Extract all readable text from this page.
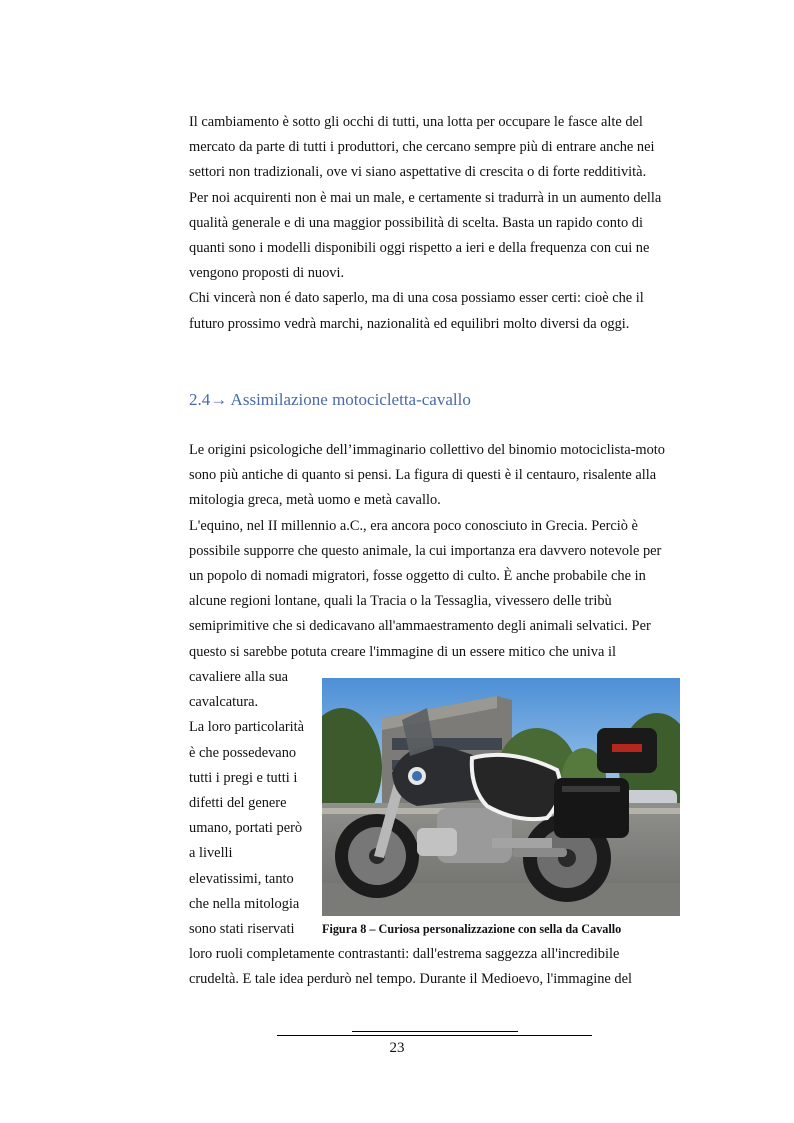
Il cambiamento è sotto gli occhi di tutti, una lotta per occupare le fasce alte del
mercato da parte di tutti i produttori, che cercano sempre più di entrare anche nei
settori non tradizionali, ove vi siano aspettative di crescita o di forte redditività.
Per noi acquirenti non è mai un male, e certamente si tradurrà in un aumento della
qualità generale e di una maggior possibilità di scelta. Basta un rapido conto di
quanti sono i modelli disponibili oggi rispetto a ieri e della frequenza con cui ne
vengono proposti di nuovi.
Chi vincerà non é dato saperlo, ma di una cosa possiamo esser certi: cioè che il
futuro prossimo vedrà marchi, nazionalità ed equilibri molto diversi da oggi.
2.4→ Assimilazione motocicletta-cavallo
Le origini psicologiche dell’immaginario collettivo del binomio motociclista-moto
sono più antiche di quanto si pensi. La figura di questi è il centauro, risalente alla
mitologia greca, metà uomo e metà cavallo.
L'equino, nel II millennio a.C., era ancora poco conosciuto in Grecia. Perciò è
possibile supporre che questo animale, la cui importanza era davvero notevole per
un popolo di nomadi migratori, fosse oggetto di culto. È anche probabile che in
alcune regioni lontane, quali la Tracia o la Tessaglia, vivessero delle tribù
semiprimitive che si dedicavano all'ammaestramento degli animali selvatici. Per
questo si sarebbe potuta creare l'immagine di un essere mitico che univa il
cavaliere alla sua
cavalcatura.
La loro particolarità
è che possedevano
tutti i pregi e tutti i
difetti del genere
umano, portati però
a livelli
elevatissimi, tanto
che nella mitologia
sono stati riservati
loro ruoli completamente contrastanti: dall'estrema saggezza all'incredibile
crudeltà. E tale idea perdurò nel tempo. Durante il Medioevo, l'immagine del

Figura 8 – Curiosa personalizzazione con sella da Cavallo

23
